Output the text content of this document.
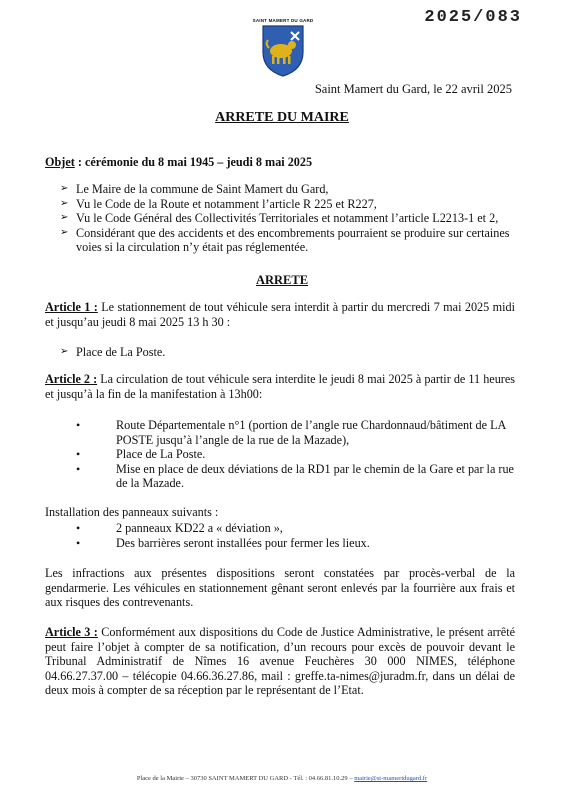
2025/083
SAINT MAMERT DU GARD
Saint Mamert du Gard, le 22 avril 2025
ARRETE DU MAIRE
Objet : cérémonie du 8 mai 1945 – jeudi 8 mai 2025
➢ Le Maire de la commune de Saint Mamert du Gard,
➢ Vu le Code de la Route et notamment l’article R 225 et R227,
➢ Vu le Code Général des Collectivités Territoriales et notamment l’article L2213-1 et 2,
➢ Considérant que des accidents et des encombrements pourraient se produire sur certaines voies si la circulation n’y était pas réglementée.
ARRETE
Article 1 : Le stationnement de tout véhicule sera interdit à partir du mercredi 7 mai 2025 midi et jusqu’au jeudi 8 mai 2025 13 h 30 :
➢ Place de La Poste.
Article 2 : La circulation de tout véhicule sera interdite le jeudi 8 mai 2025 à partir de 11 heures et jusqu’à la fin de la manifestation à 13h00:
• Route Départementale n°1 (portion de l’angle rue Chardonnaud/bâtiment de LA POSTE jusqu’à l’angle de la rue de la Mazade),
• Place de La Poste.
• Mise en place de deux déviations de la RD1 par le chemin de la Gare et par la rue de la Mazade.
Installation des panneaux suivants :
• 2 panneaux KD22 a « déviation »,
• Des barrières seront installées pour fermer les lieux.
Les infractions aux présentes dispositions seront constatées par procès-verbal de la gendarmerie. Les véhicules en stationnement gênant seront enlevés par la fourrière aux frais et aux risques des contrevenants.
Article 3 : Conformément aux dispositions du Code de Justice Administrative, le présent arrêté peut faire l’objet à compter de sa notification, d’un recours pour excès de pouvoir devant le Tribunal Administratif de Nîmes 16 avenue Feuchères 30 000 NIMES, téléphone 04.66.27.37.00 – télécopie 04.66.36.27.86, mail : greffe.ta-nimes@juradm.fr, dans un délai de deux mois à compter de sa réception par le représentant de l’Etat.
Place de la Mairie – 30730 SAINT MAMERT DU GARD - Tél. : 04.66.81.10.29 – mairie@st-mamertdugard.fr
